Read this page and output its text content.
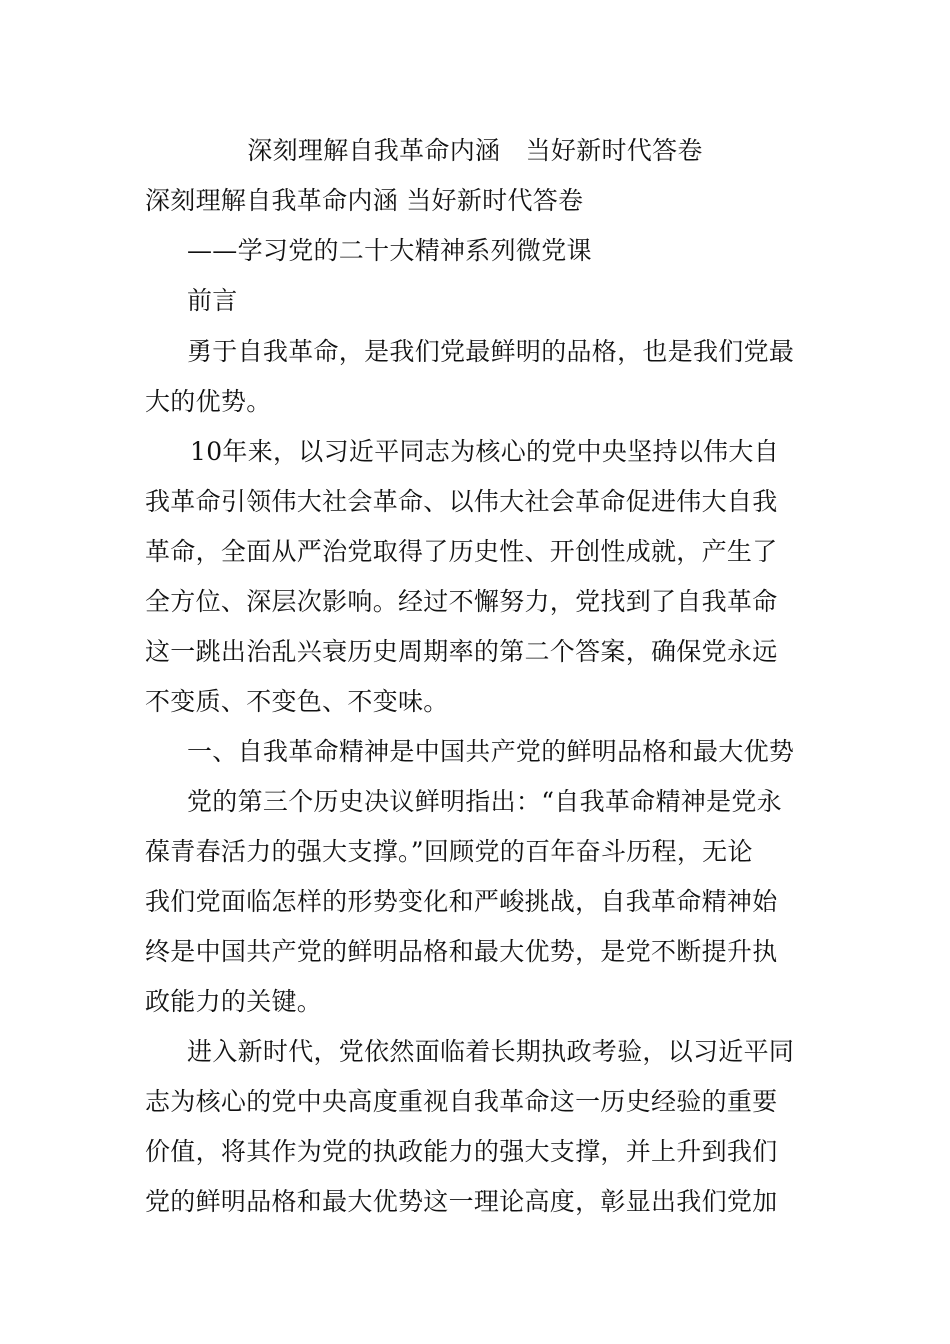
深刻理解自我革命内涵　当好新时代答卷
深刻理解自我革命内涵 当好新时代答卷
——学习党的二十大精神系列微党课
前言
勇于自我革命，是我们党最鲜明的品格，也是我们党最
大的优势。
10年来，以习近平同志为核心的党中央坚持以伟大自
我革命引领伟大社会革命、以伟大社会革命促进伟大自我
革命，全面从严治党取得了历史性、开创性成就，产生了
全方位、深层次影响。经过不懈努力，党找到了自我革命
这一跳出治乱兴衰历史周期率的第二个答案，确保党永远
不变质、不变色、不变味。
一、自我革命精神是中国共产党的鲜明品格和最大优势
党的第三个历史决议鲜明指出：“自我革命精神是党永
葆青春活力的强大支撑。”回顾党的百年奋斗历程，无论
我们党面临怎样的形势变化和严峻挑战，自我革命精神始
终是中国共产党的鲜明品格和最大优势，是党不断提升执
政能力的关键。
进入新时代，党依然面临着长期执政考验，以习近平同
志为核心的党中央高度重视自我革命这一历史经验的重要
价值，将其作为党的执政能力的强大支撑，并上升到我们
党的鲜明品格和最大优势这一理论高度，彰显出我们党加
